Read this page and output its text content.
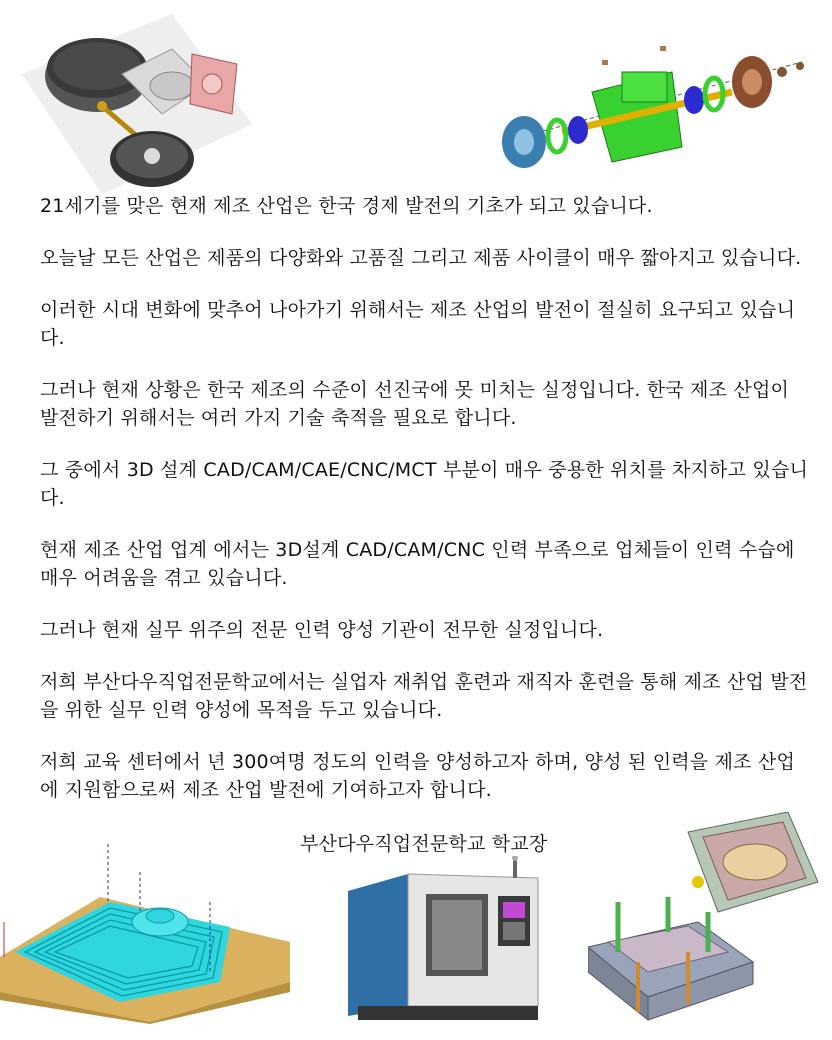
21세기를 맞은 현재 제조 산업은 한국 경제 발전의 기초가 되고 있습니다.

오늘날 모든 산업은 제품의 다양화와 고품질 그리고 제품 사이클이 매우 짧아지고 있습니다.

이러한 시대 변화에 맞추어 나아가기 위해서는 제조 산업의 발전이 절실히 요구되고 있습니다.

그러나 현재 상황은 한국 제조의 수준이 선진국에 못 미치는 실정입니다. 한국 제조 산업이 발전하기 위해서는 여러 가지 기술 축적을 필요로 합니다.

그 중에서 3D 설계 CAD/CAM/CAE/CNC/MCT 부분이 매우 중용한 위치를 차지하고 있습니다.

현재 제조 산업 업계 에서는 3D설계 CAD/CAM/CNC 인력 부족으로 업체들이 인력 수습에 매우 어려움을 겪고 있습니다.

그러나 현재 실무 위주의 전문 인력 양성 기관이 전무한 실정입니다.

저희 부산다우직업전문학교에서는 실업자 재취업 훈련과 재직자 훈련을 통해 제조 산업 발전을 위한 실무 인력 양성에 목적을 두고 있습니다.

저희 교육 센터에서 년 300여명 정도의 인력을 양성하고자 하며, 양성 된 인력을 제조 산업에 지원함으로써 제조 산업 발전에 기여하고자 합니다.

부산다우직업전문학교 학교장
